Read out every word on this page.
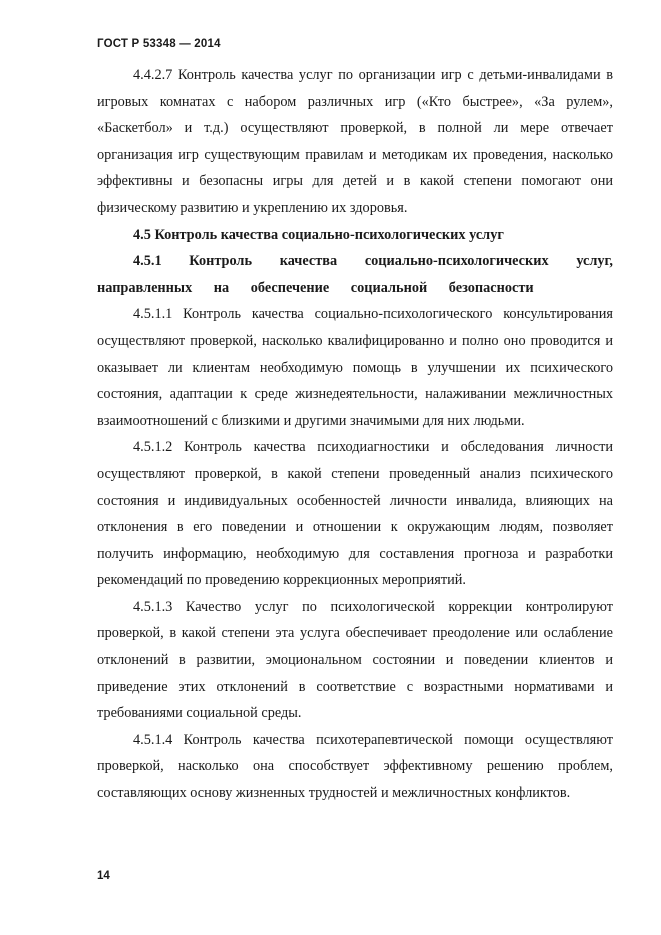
ГОСТ Р 53348 — 2014

4.4.2.7 Контроль качества услуг по организации игр с детьми-инвалидами в игровых комнатах с набором различных игр («Кто быстрее», «За рулем», «Баскетбол» и т.д.) осуществляют проверкой, в полной ли мере отвечает организация игр существующим правилам и методикам их проведения, насколько эффективны и безопасны игры для детей и в какой степени помогают они физическому развитию и укреплению их здоровья.

4.5 Контроль качества социально-психологических услуг

4.5.1 Контроль качества социально-психологических услуг, направленных на обеспечение социальной безопасности

4.5.1.1 Контроль качества социально-психологического консультирования осуществляют проверкой, насколько квалифицированно и полно оно проводится и оказывает ли клиентам необходимую помощь в улучшении их психического состояния, адаптации к среде жизнедеятельности, налаживании межличностных взаимоотношений с близкими и другими значимыми для них людьми.

4.5.1.2 Контроль качества психодиагностики и обследования личности осуществляют проверкой, в какой степени проведенный анализ психического состояния и индивидуальных особенностей личности инвалида, влияющих на отклонения в его поведении и отношении к окружающим людям, позволяет получить информацию, необходимую для составления прогноза и разработки рекомендаций по проведению коррекционных мероприятий.

4.5.1.3 Качество услуг по психологической коррекции контролируют проверкой, в какой степени эта услуга обеспечивает преодоление или ослабление отклонений в развитии, эмоциональном состоянии и поведении клиентов и приведение этих отклонений в соответствие с возрастными нормативами и требованиями социальной среды.

4.5.1.4 Контроль качества психотерапевтической помощи осуществляют проверкой, насколько она способствует эффективному решению проблем, составляющих основу жизненных трудностей и межличностных конфликтов.

14
